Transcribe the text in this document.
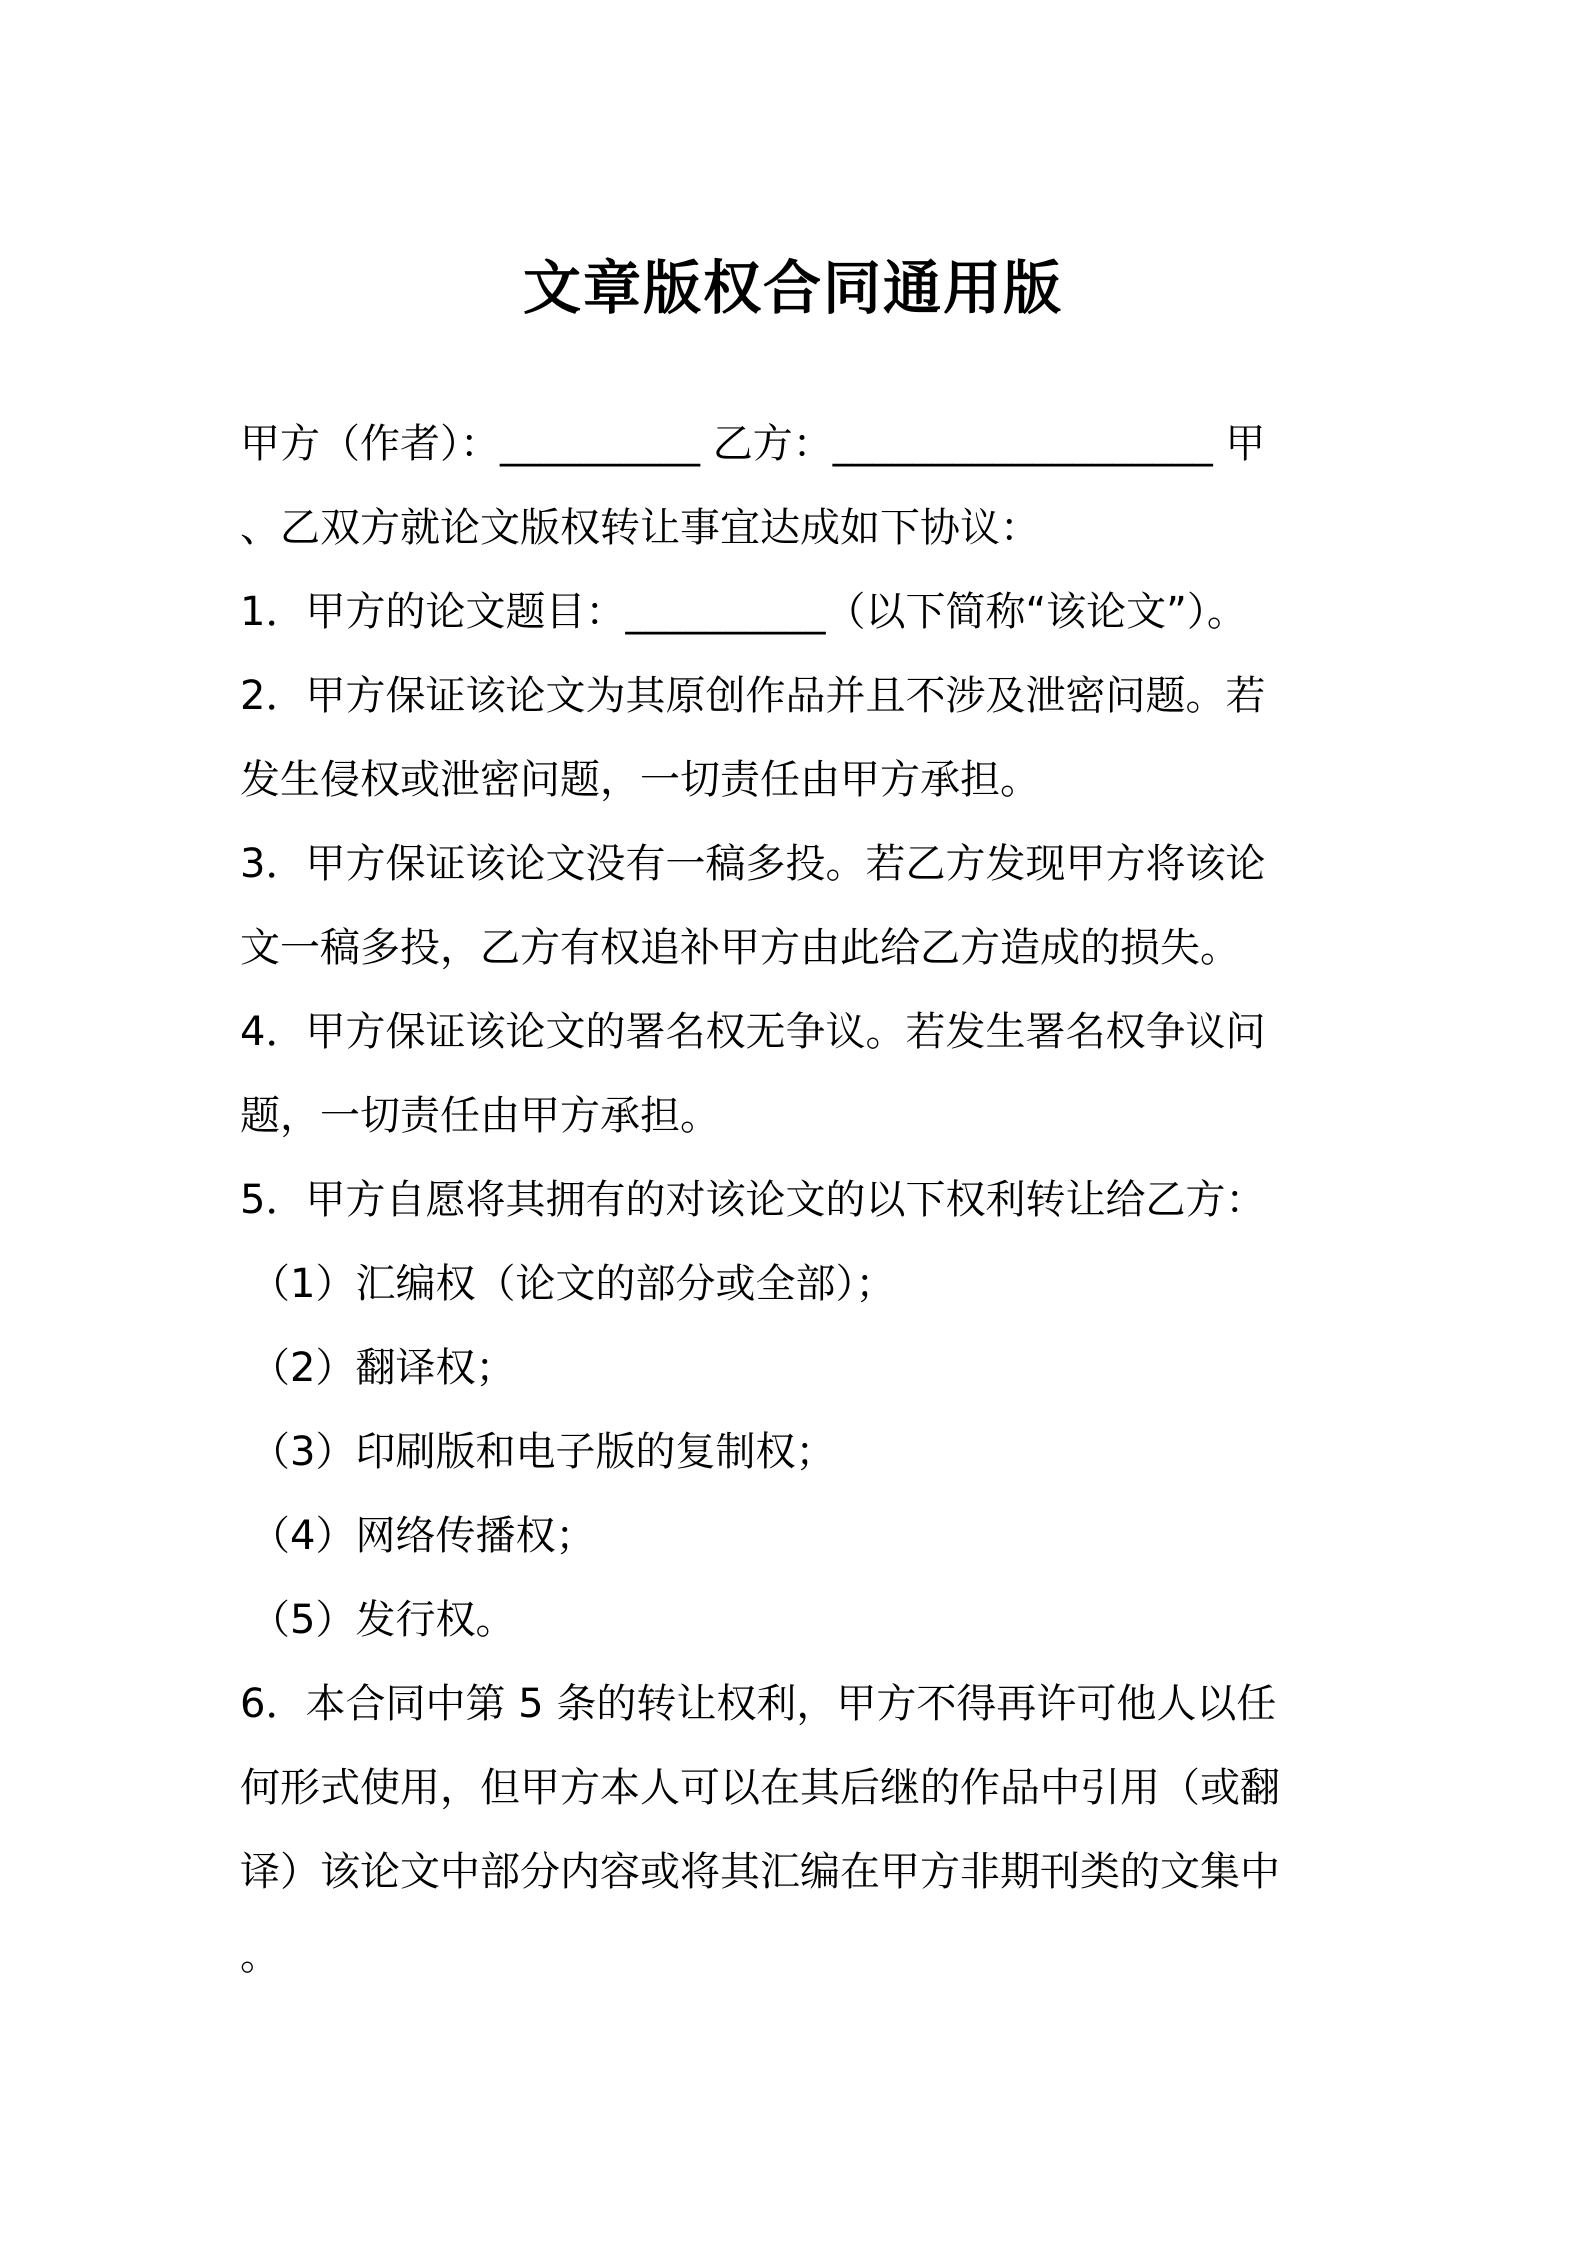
文章版权合同通用版
甲方（作者）：__________ 乙方：___________________ 甲
、乙双方就论文版权转让事宜达成如下协议：
1．甲方的论文题目：__________（以下简称“该论文”）。
2．甲方保证该论文为其原创作品并且不涉及泄密问题。若
发生侵权或泄密问题，一切责任由甲方承担。
3．甲方保证该论文没有一稿多投。若乙方发现甲方将该论
文一稿多投，乙方有权追补甲方由此给乙方造成的损失。
4．甲方保证该论文的署名权无争议。若发生署名权争议问
题，一切责任由甲方承担。
5．甲方自愿将其拥有的对该论文的以下权利转让给乙方：
（1）汇编权（论文的部分或全部）；
（2）翻译权；
（3）印刷版和电子版的复制权；
（4）网络传播权；
（5）发行权。
6．本合同中第 5 条的转让权利，甲方不得再许可他人以任
何形式使用，但甲方本人可以在其后继的作品中引用（或翻
译）该论文中部分内容或将其汇编在甲方非期刊类的文集中
。
